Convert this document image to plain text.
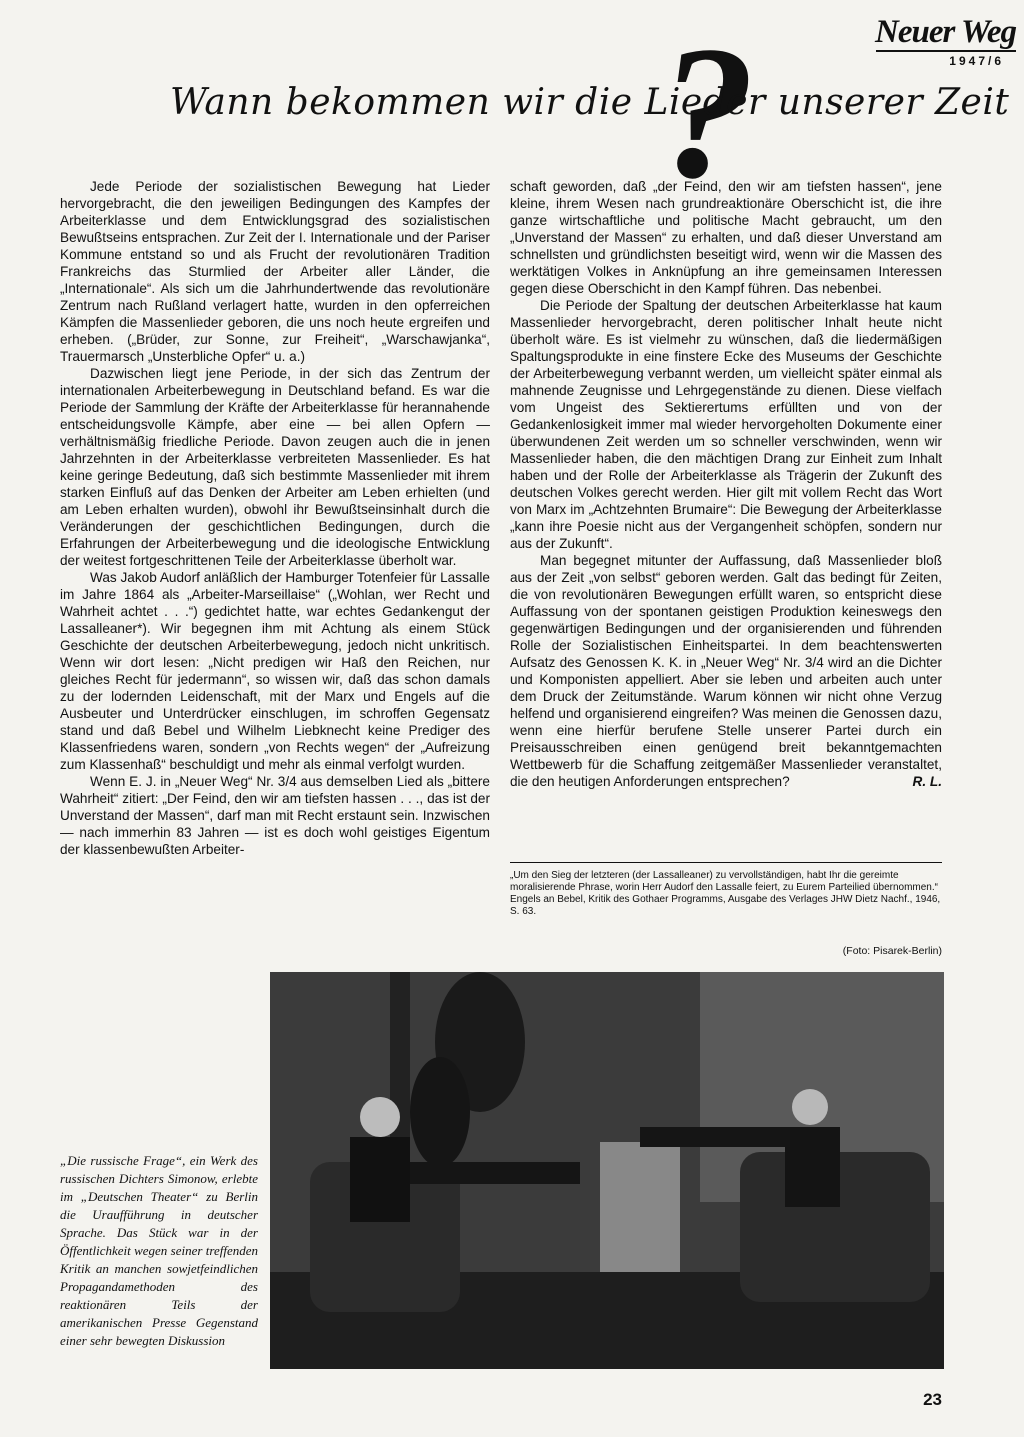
Neuer Weg
1947/6
?
Wann bekommen wir die Lieder unserer Zeit

Jede Periode der sozialistischen Bewegung hat Lieder hervorgebracht, die den jeweiligen Bedingungen des Kampfes der Arbeiterklasse und dem Entwicklungsgrad des sozialistischen Bewußtseins entsprachen. Zur Zeit der I. Internationale und der Pariser Kommune entstand so und als Frucht der revolutionären Tradition Frankreichs das Sturmlied der Arbeiter aller Länder, die „Internationale“. Als sich um die Jahrhundertwende das revolutionäre Zentrum nach Rußland verlagert hatte, wurden in den opferreichen Kämpfen die Massenlieder geboren, die uns noch heute ergreifen und erheben. („Brüder, zur Sonne, zur Freiheit“, „Warschawjanka“, Trauermarsch „Unsterbliche Opfer“ u. a.)

Dazwischen liegt jene Periode, in der sich das Zentrum der internationalen Arbeiterbewegung in Deutschland befand. Es war die Periode der Sammlung der Kräfte der Arbeiterklasse für herannahende entscheidungsvolle Kämpfe, aber eine — bei allen Opfern — verhältnismäßig friedliche Periode. Davon zeugen auch die in jenen Jahrzehnten in der Arbeiterklasse verbreiteten Massenlieder. Es hat keine geringe Bedeutung, daß sich bestimmte Massenlieder mit ihrem starken Einfluß auf das Denken der Arbeiter am Leben erhielten (und am Leben erhalten wurden), obwohl ihr Bewußtseinsinhalt durch die Veränderungen der geschichtlichen Bedingungen, durch die Erfahrungen der Arbeiterbewegung und die ideologische Entwicklung der weitest fortgeschrittenen Teile der Arbeiterklasse überholt war.

Was Jakob Audorf anläßlich der Hamburger Totenfeier für Lassalle im Jahre 1864 als „Arbeiter-Marseillaise“ („Wohlan, wer Recht und Wahrheit achtet . . .“) gedichtet hatte, war echtes Gedankengut der Lassalleaner*). Wir begegnen ihm mit Achtung als einem Stück Geschichte der deutschen Arbeiterbewegung, jedoch nicht unkritisch. Wenn wir dort lesen: „Nicht predigen wir Haß den Reichen, nur gleiches Recht für jedermann“, so wissen wir, daß das schon damals zu der lodernden Leidenschaft, mit der Marx und Engels auf die Ausbeuter und Unterdrücker einschlugen, im schroffen Gegensatz stand und daß Bebel und Wilhelm Liebknecht keine Prediger des Klassenfriedens waren, sondern „von Rechts wegen“ der „Aufreizung zum Klassenhaß“ beschuldigt und mehr als einmal verfolgt wurden.

Wenn E. J. in „Neuer Weg“ Nr. 3/4 aus demselben Lied als „bittere Wahrheit“ zitiert: „Der Feind, den wir am tiefsten hassen . . ., das ist der Unverstand der Massen“, darf man mit Recht erstaunt sein. Inzwischen — nach immerhin 83 Jahren — ist es doch wohl geistiges Eigentum der klassenbewußten Arbeiter-

schaft geworden, daß „der Feind, den wir am tiefsten hassen“, jene kleine, ihrem Wesen nach grundreaktionäre Oberschicht ist, die ihre ganze wirtschaftliche und politische Macht gebraucht, um den „Unverstand der Massen“ zu erhalten, und daß dieser Unverstand am schnellsten und gründlichsten beseitigt wird, wenn wir die Massen des werktätigen Volkes in Anknüpfung an ihre gemeinsamen Interessen gegen diese Oberschicht in den Kampf führen. Das nebenbei.

Die Periode der Spaltung der deutschen Arbeiterklasse hat kaum Massenlieder hervorgebracht, deren politischer Inhalt heute nicht überholt wäre. Es ist vielmehr zu wünschen, daß die liedermäßigen Spaltungsprodukte in eine finstere Ecke des Museums der Geschichte der Arbeiterbewegung verbannt werden, um vielleicht später einmal als mahnende Zeugnisse und Lehrgegenstände zu dienen. Diese vielfach vom Ungeist des Sektierertums erfüllten und von der Gedankenlosigkeit immer mal wieder hervorgeholten Dokumente einer überwundenen Zeit werden um so schneller verschwinden, wenn wir Massenlieder haben, die den mächtigen Drang zur Einheit zum Inhalt haben und der Rolle der Arbeiterklasse als Trägerin der Zukunft des deutschen Volkes gerecht werden. Hier gilt mit vollem Recht das Wort von Marx im „Achtzehnten Brumaire“: Die Bewegung der Arbeiterklasse „kann ihre Poesie nicht aus der Vergangenheit schöpfen, sondern nur aus der Zukunft“.

Man begegnet mitunter der Auffassung, daß Massenlieder bloß aus der Zeit „von selbst“ geboren werden. Galt das bedingt für Zeiten, die von revolutionären Bewegungen erfüllt waren, so entspricht diese Auffassung von der spontanen geistigen Produktion keineswegs den gegenwärtigen Bedingungen und der organisierenden und führenden Rolle der Sozialistischen Einheitspartei. In dem beachtenswerten Aufsatz des Genossen K. K. in „Neuer Weg“ Nr. 3/4 wird an die Dichter und Komponisten appelliert. Aber sie leben und arbeiten auch unter dem Druck der Zeitumstände. Warum können wir nicht ohne Verzug helfend und organisierend eingreifen? Was meinen die Genossen dazu, wenn eine hierfür berufene Stelle unserer Partei durch ein Preisausschreiben einen genügend breit bekanntgemachten Wettbewerb für die Schaffung zeitgemäßer Massenlieder veranstaltet, die den heutigen Anforderungen entsprechen?	R. L.

„Um den Sieg der letzteren (der Lassalleaner) zu vervollständigen, habt Ihr die gereimte moralisierende Phrase, worin Herr Audorf den Lassalle feiert, zu Eurem Parteilied übernommen.“ Engels an Bebel, Kritik des Gothaer Programms, Ausgabe des Verlages JHW Dietz Nachf., 1946, S. 63.
(Foto: Pisarek-Berlin)
„Die russische Frage“, ein Werk des russischen Dichters Simonow, erlebte im „Deutschen Theater“ zu Berlin die Uraufführung in deutscher Sprache. Das Stück war in der Öffentlichkeit wegen seiner treffenden Kritik an manchen sowjetfeindlichen Propagandamethoden des reaktionären Teils der amerikanischen Presse Gegenstand einer sehr bewegten Diskussion
23
